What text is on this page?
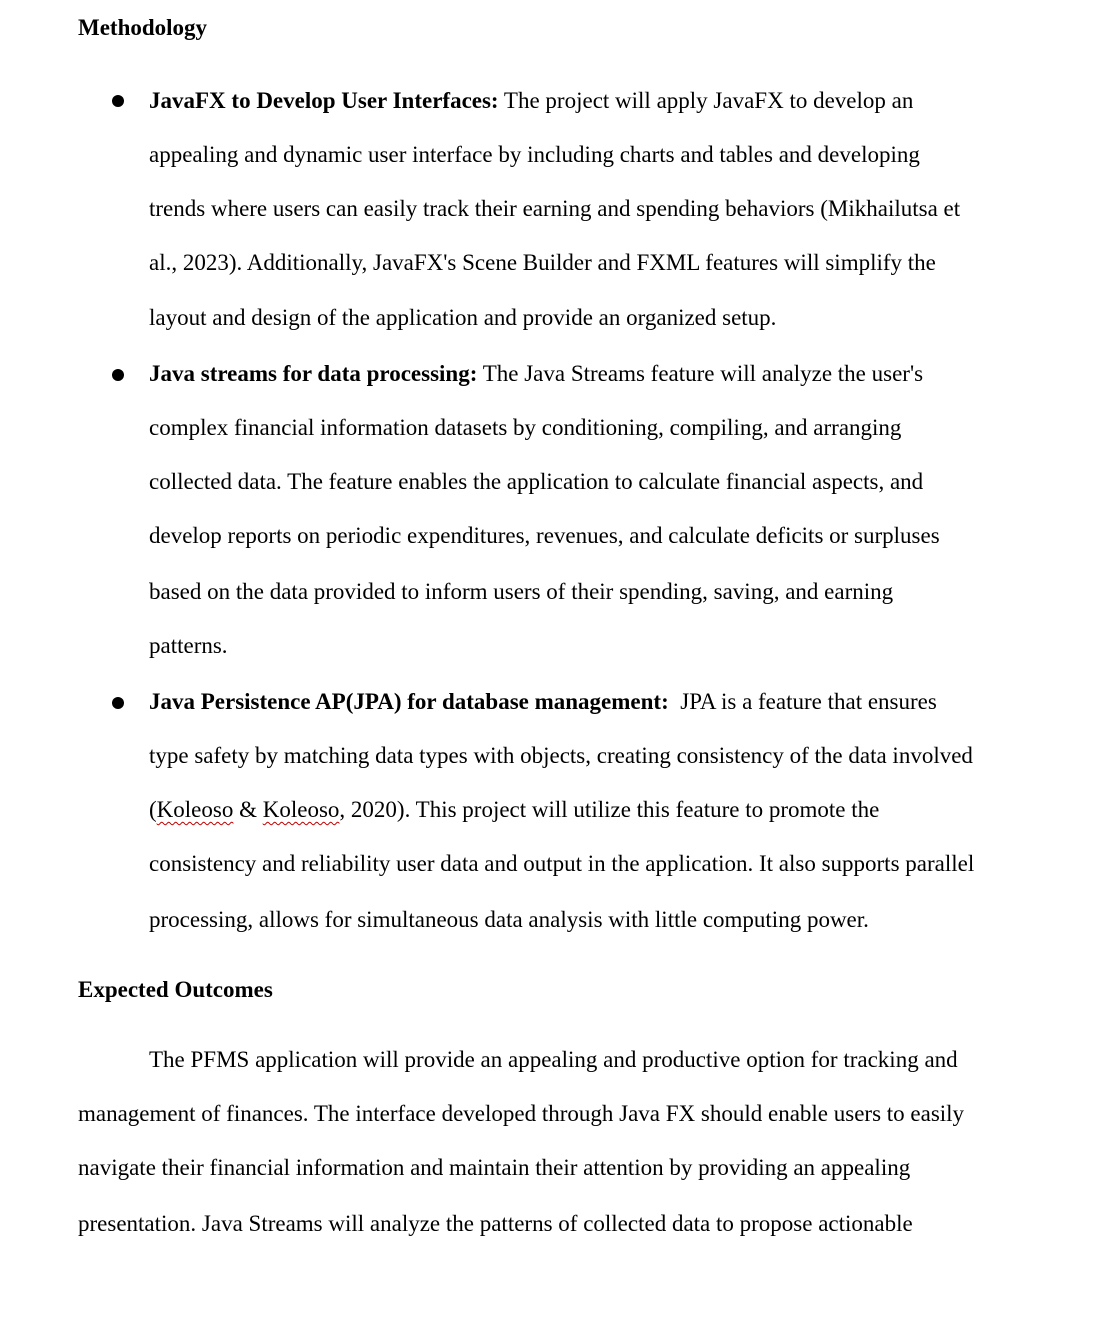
Methodology
JavaFX to Develop User Interfaces: The project will apply JavaFX to develop an
appealing and dynamic user interface by including charts and tables and developing
trends where users can easily track their earning and spending behaviors (Mikhailutsa et
al., 2023). Additionally, JavaFX's Scene Builder and FXML features will simplify the
layout and design of the application and provide an organized setup.
Java streams for data processing: The Java Streams feature will analyze the user's
complex financial information datasets by conditioning, compiling, and arranging
collected data. The feature enables the application to calculate financial aspects, and
develop reports on periodic expenditures, revenues, and calculate deficits or surpluses
based on the data provided to inform users of their spending, saving, and earning
patterns.
Java Persistence AP(JPA) for database management:  JPA is a feature that ensures
type safety by matching data types with objects, creating consistency of the data involved
(Koleoso & Koleoso, 2020). This project will utilize this feature to promote the
consistency and reliability user data and output in the application. It also supports parallel
processing, allows for simultaneous data analysis with little computing power.
Expected Outcomes
The PFMS application will provide an appealing and productive option for tracking and
management of finances. The interface developed through Java FX should enable users to easily
navigate their financial information and maintain their attention by providing an appealing
presentation. Java Streams will analyze the patterns of collected data to propose actionable
